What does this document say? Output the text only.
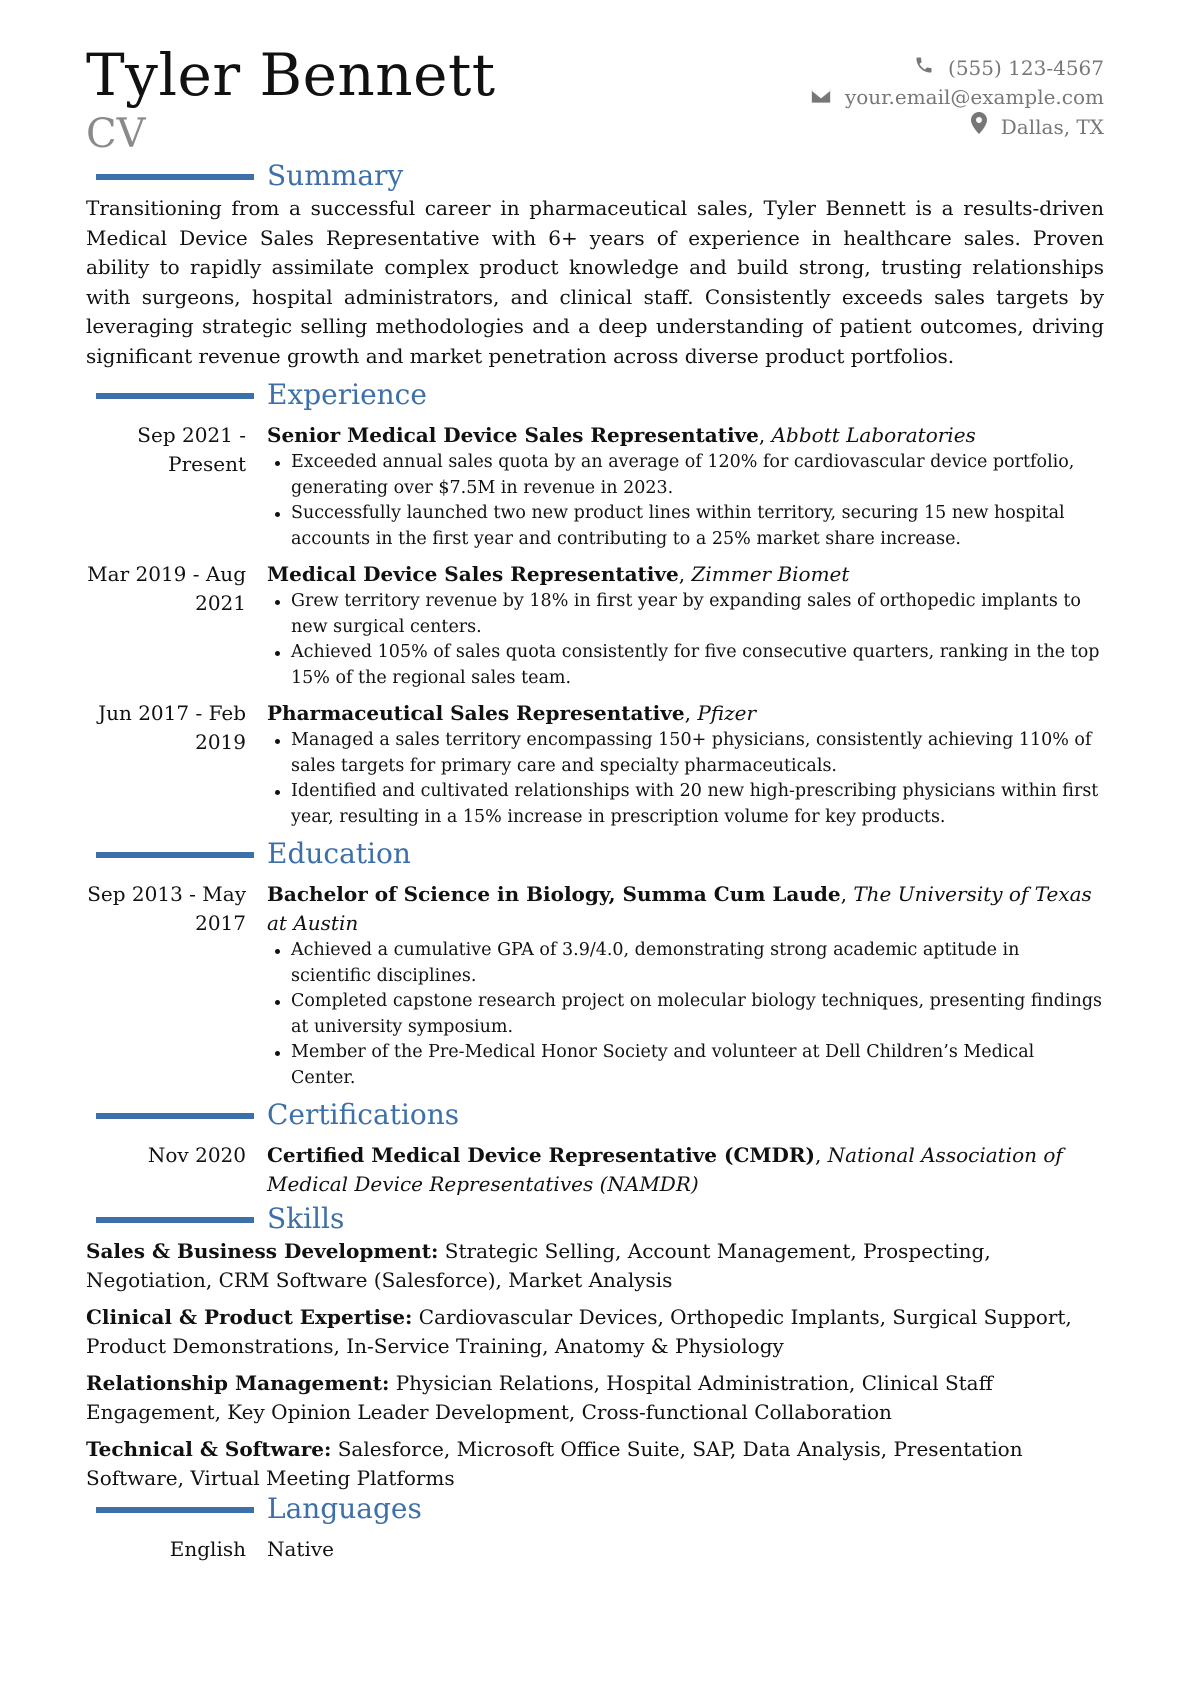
Tyler Bennett
CV
(555) 123-4567
your.email@example.com
Dallas, TX
Summary

Transitioning from a successful career in pharmaceutical sales, Tyler Bennett is a results-driven Medical Device Sales Representative with 6+ years of experience in healthcare sales. Proven ability to rapidly assimilate complex product knowledge and build strong, trusting relationships with surgeons, hospital administrators, and clinical staff. Consistently exceeds sales targets by leveraging strategic selling methodologies and a deep understanding of patient outcomes, driving significant revenue growth and market penetration across diverse product portfolios.

Experience
Sep 2021 - Present
Senior Medical Device Sales Representative, Abbott Laboratories
Exceeded annual sales quota by an average of 120% for cardiovascular device portfolio, generating over $7.5M in revenue in 2023.
Successfully launched two new product lines within territory, securing 15 new hospital accounts in the first year and contributing to a 25% market share increase.
Mar 2019 - Aug 2021
Medical Device Sales Representative, Zimmer Biomet
Grew territory revenue by 18% in first year by expanding sales of orthopedic implants to new surgical centers.
Achieved 105% of sales quota consistently for five consecutive quarters, ranking in the top 15% of the regional sales team.
Jun 2017 - Feb 2019
Pharmaceutical Sales Representative, Pfizer
Managed a sales territory encompassing 150+ physicians, consistently achieving 110% of sales targets for primary care and specialty pharmaceuticals.
Identified and cultivated relationships with 20 new high-prescribing physicians within first year, resulting in a 15% increase in prescription volume for key products.
Education
Sep 2013 - May 2017
Bachelor of Science in Biology, Summa Cum Laude, The University of Texas at Austin
Achieved a cumulative GPA of 3.9/4.0, demonstrating strong academic aptitude in scientific disciplines.
Completed capstone research project on molecular biology techniques, presenting findings at university symposium.
Member of the Pre-Medical Honor Society and volunteer at Dell Children’s Medical Center.
Certifications
Nov 2020	Certified Medical Device Representative (CMDR), National Association of Medical Device Representatives (NAMDR)
Skills
Sales & Business Development: Strategic Selling, Account Management, Prospecting, Negotiation, CRM Software (Salesforce), Market Analysis
Clinical & Product Expertise: Cardiovascular Devices, Orthopedic Implants, Surgical Support, Product Demonstrations, In-Service Training, Anatomy & Physiology
Relationship Management: Physician Relations, Hospital Administration, Clinical Staff Engagement, Key Opinion Leader Development, Cross-functional Collaboration
Technical & Software: Salesforce, Microsoft Office Suite, SAP, Data Analysis, Presentation Software, Virtual Meeting Platforms
Languages
English	Native
